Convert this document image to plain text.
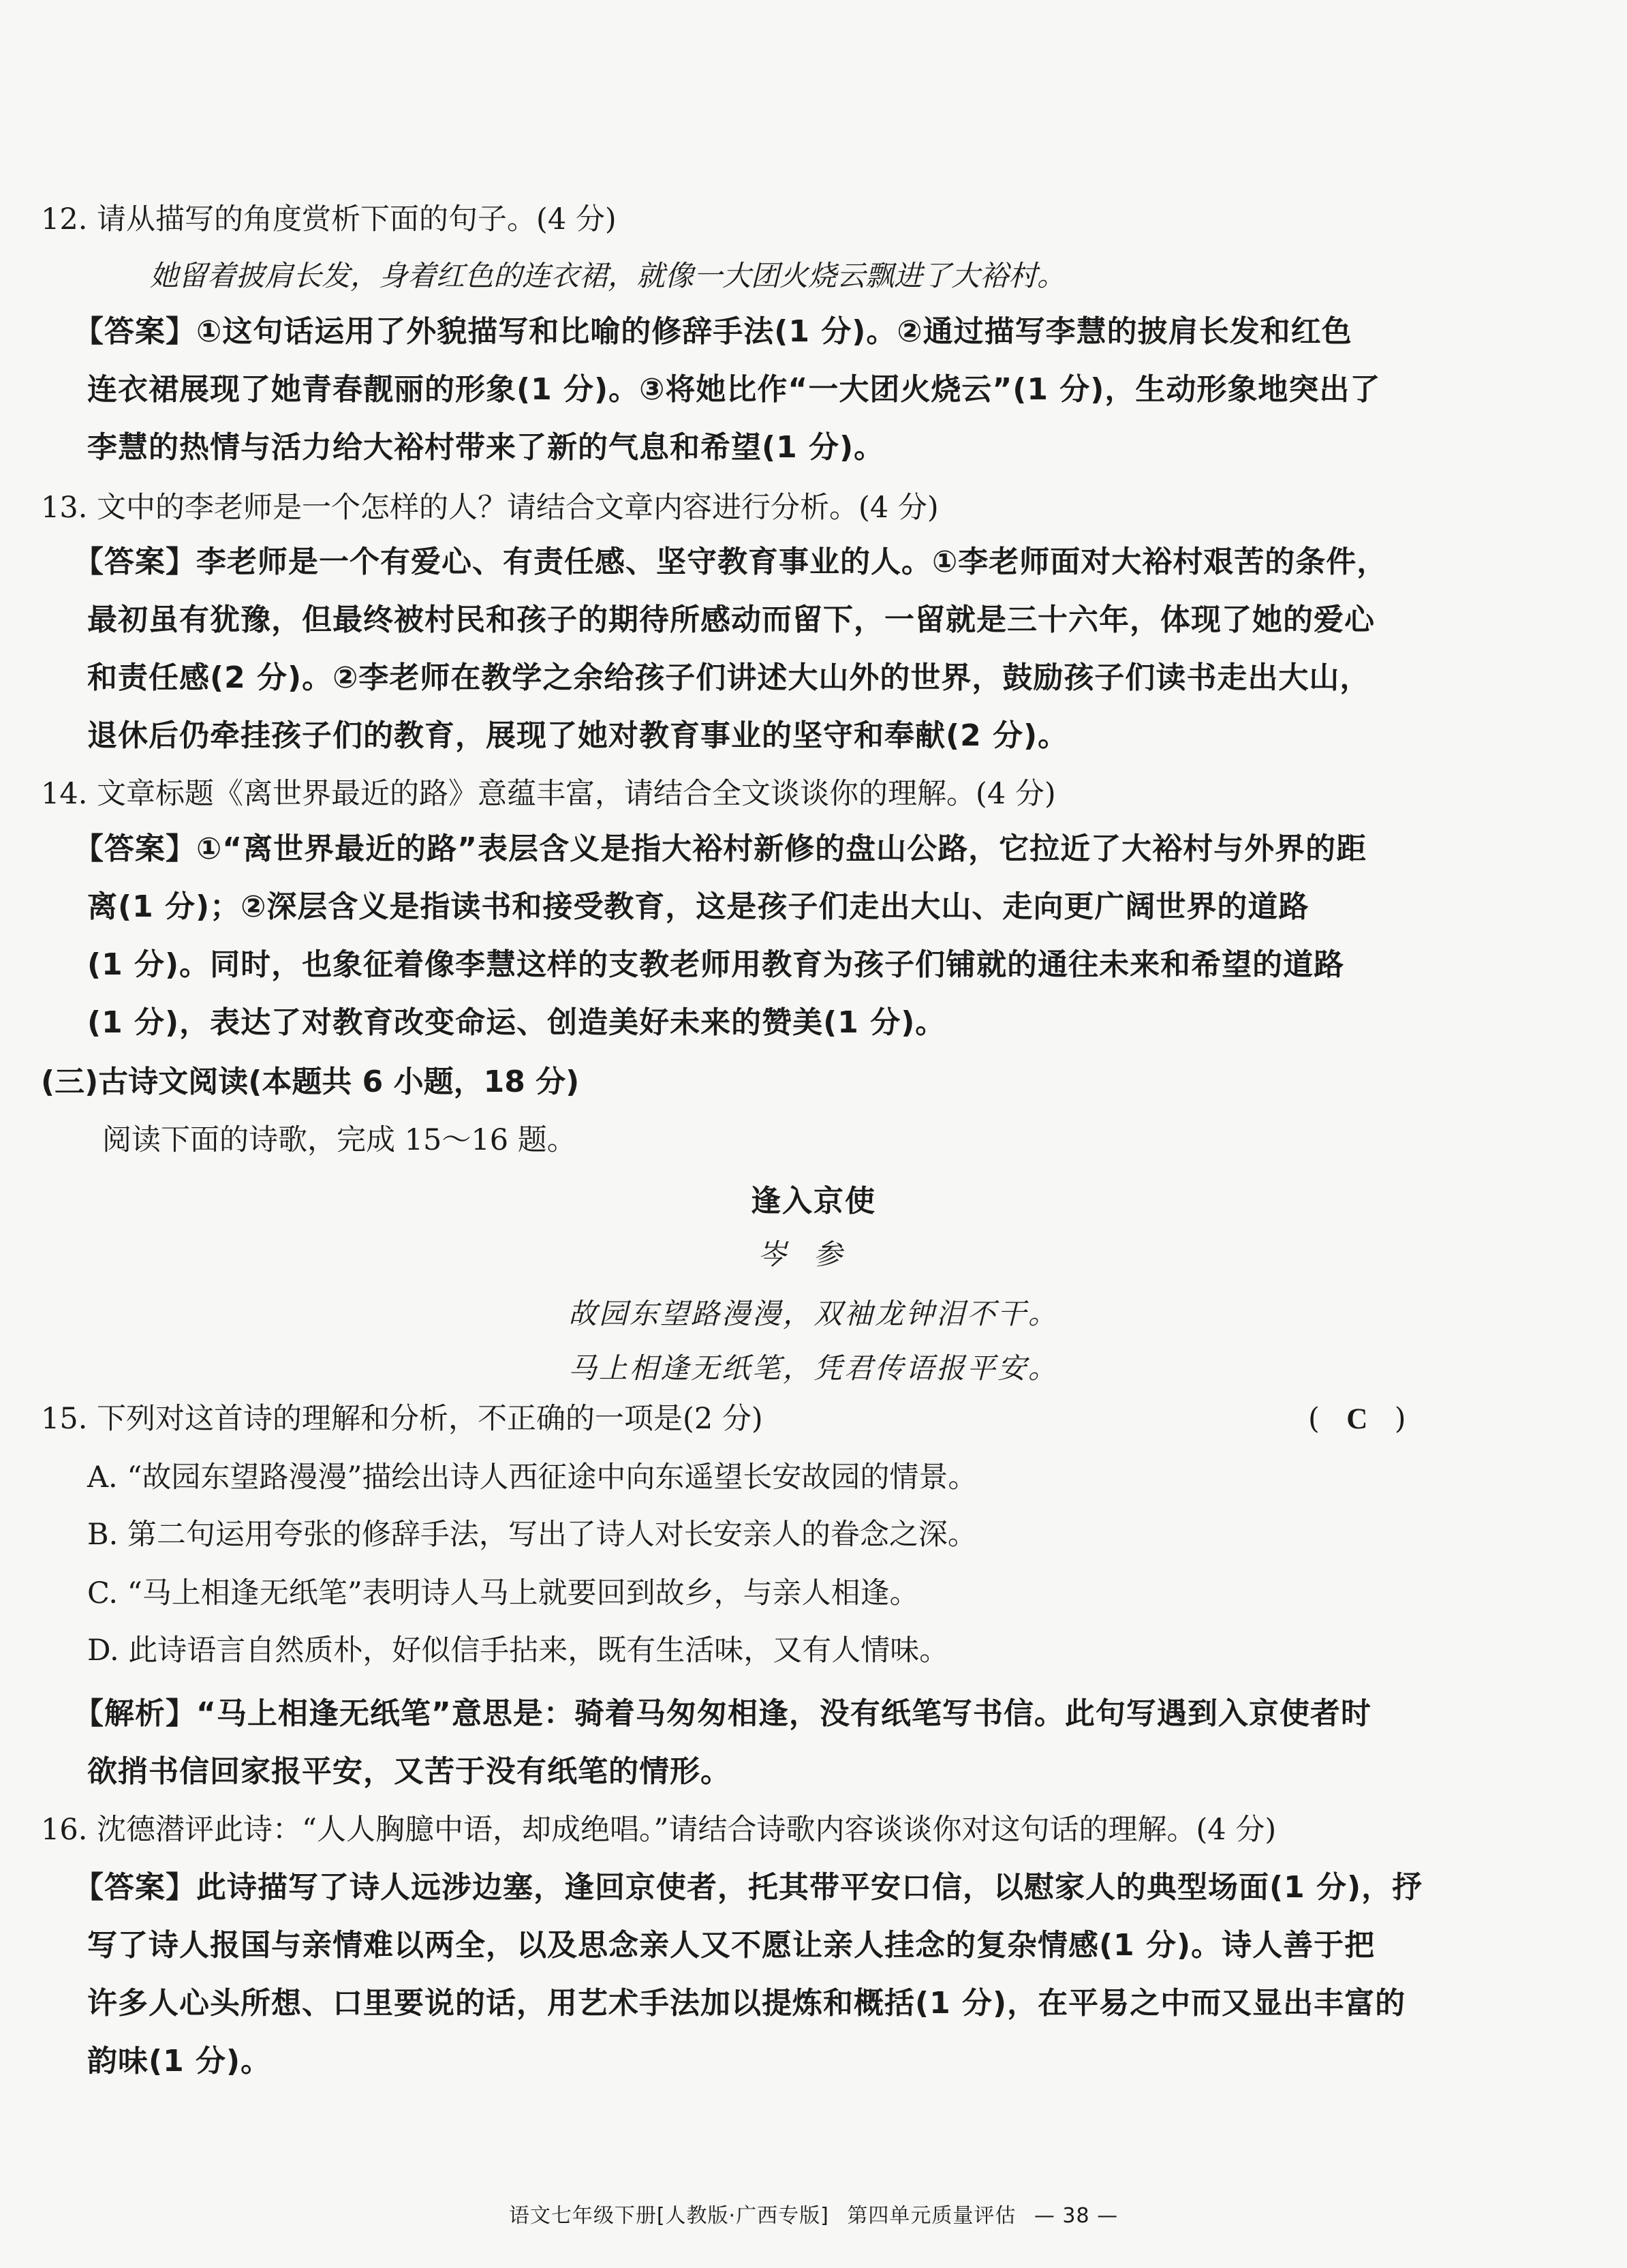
12. 请从描写的角度赏析下面的句子。(4 分)

她留着披肩长发，身着红色的连衣裙，就像一大团火烧云飘进了大裕村。

【答案】①这句话运用了外貌描写和比喻的修辞手法(1 分)。②通过描写李慧的披肩长发和红色
连衣裙展现了她青春靓丽的形象(1 分)。③将她比作“一大团火烧云”(1 分)，生动形象地突出了
李慧的热情与活力给大裕村带来了新的气息和希望(1 分)。

13. 文中的李老师是一个怎样的人？请结合文章内容进行分析。(4 分)

【答案】李老师是一个有爱心、有责任感、坚守教育事业的人。①李老师面对大裕村艰苦的条件，
最初虽有犹豫，但最终被村民和孩子的期待所感动而留下，一留就是三十六年，体现了她的爱心
和责任感(2 分)。②李老师在教学之余给孩子们讲述大山外的世界，鼓励孩子们读书走出大山，
退休后仍牵挂孩子们的教育，展现了她对教育事业的坚守和奉献(2 分)。

14. 文章标题《离世界最近的路》意蕴丰富，请结合全文谈谈你的理解。(4 分)

【答案】①“离世界最近的路”表层含义是指大裕村新修的盘山公路，它拉近了大裕村与外界的距
离(1 分)；②深层含义是指读书和接受教育，这是孩子们走出大山、走向更广阔世界的道路
(1 分)。同时，也象征着像李慧这样的支教老师用教育为孩子们铺就的通往未来和希望的道路
(1 分)，表达了对教育改变命运、创造美好未来的赞美(1 分)。

(三)古诗文阅读(本题共 6 小题，18 分)

阅读下面的诗歌，完成 15～16 题。

逢入京使
岑参
故园东望路漫漫，双袖龙钟泪不干。
马上相逢无纸笔，凭君传语报平安。

15. 下列对这首诗的理解和分析，不正确的一项是(2 分)	( C )

A. “故园东望路漫漫”描绘出诗人西征途中向东遥望长安故园的情景。

B. 第二句运用夸张的修辞手法，写出了诗人对长安亲人的眷念之深。

C. “马上相逢无纸笔”表明诗人马上就要回到故乡，与亲人相逢。

D. 此诗语言自然质朴，好似信手拈来，既有生活味，又有人情味。

【解析】“马上相逢无纸笔”意思是：骑着马匆匆相逢，没有纸笔写书信。此句写遇到入京使者时
欲捎书信回家报平安，又苦于没有纸笔的情形。

16. 沈德潜评此诗：“人人胸臆中语，却成绝唱。”请结合诗歌内容谈谈你对这句话的理解。(4 分)

【答案】此诗描写了诗人远涉边塞，逢回京使者，托其带平安口信，以慰家人的典型场面(1 分)，抒
写了诗人报国与亲情难以两全，以及思念亲人又不愿让亲人挂念的复杂情感(1 分)。诗人善于把
许多人心头所想、口里要说的话，用艺术手法加以提炼和概括(1 分)，在平易之中而又显出丰富的
韵味(1 分)。
语文七年级下册[人教版·广西专版] 第四单元质量评估 — 38 —
